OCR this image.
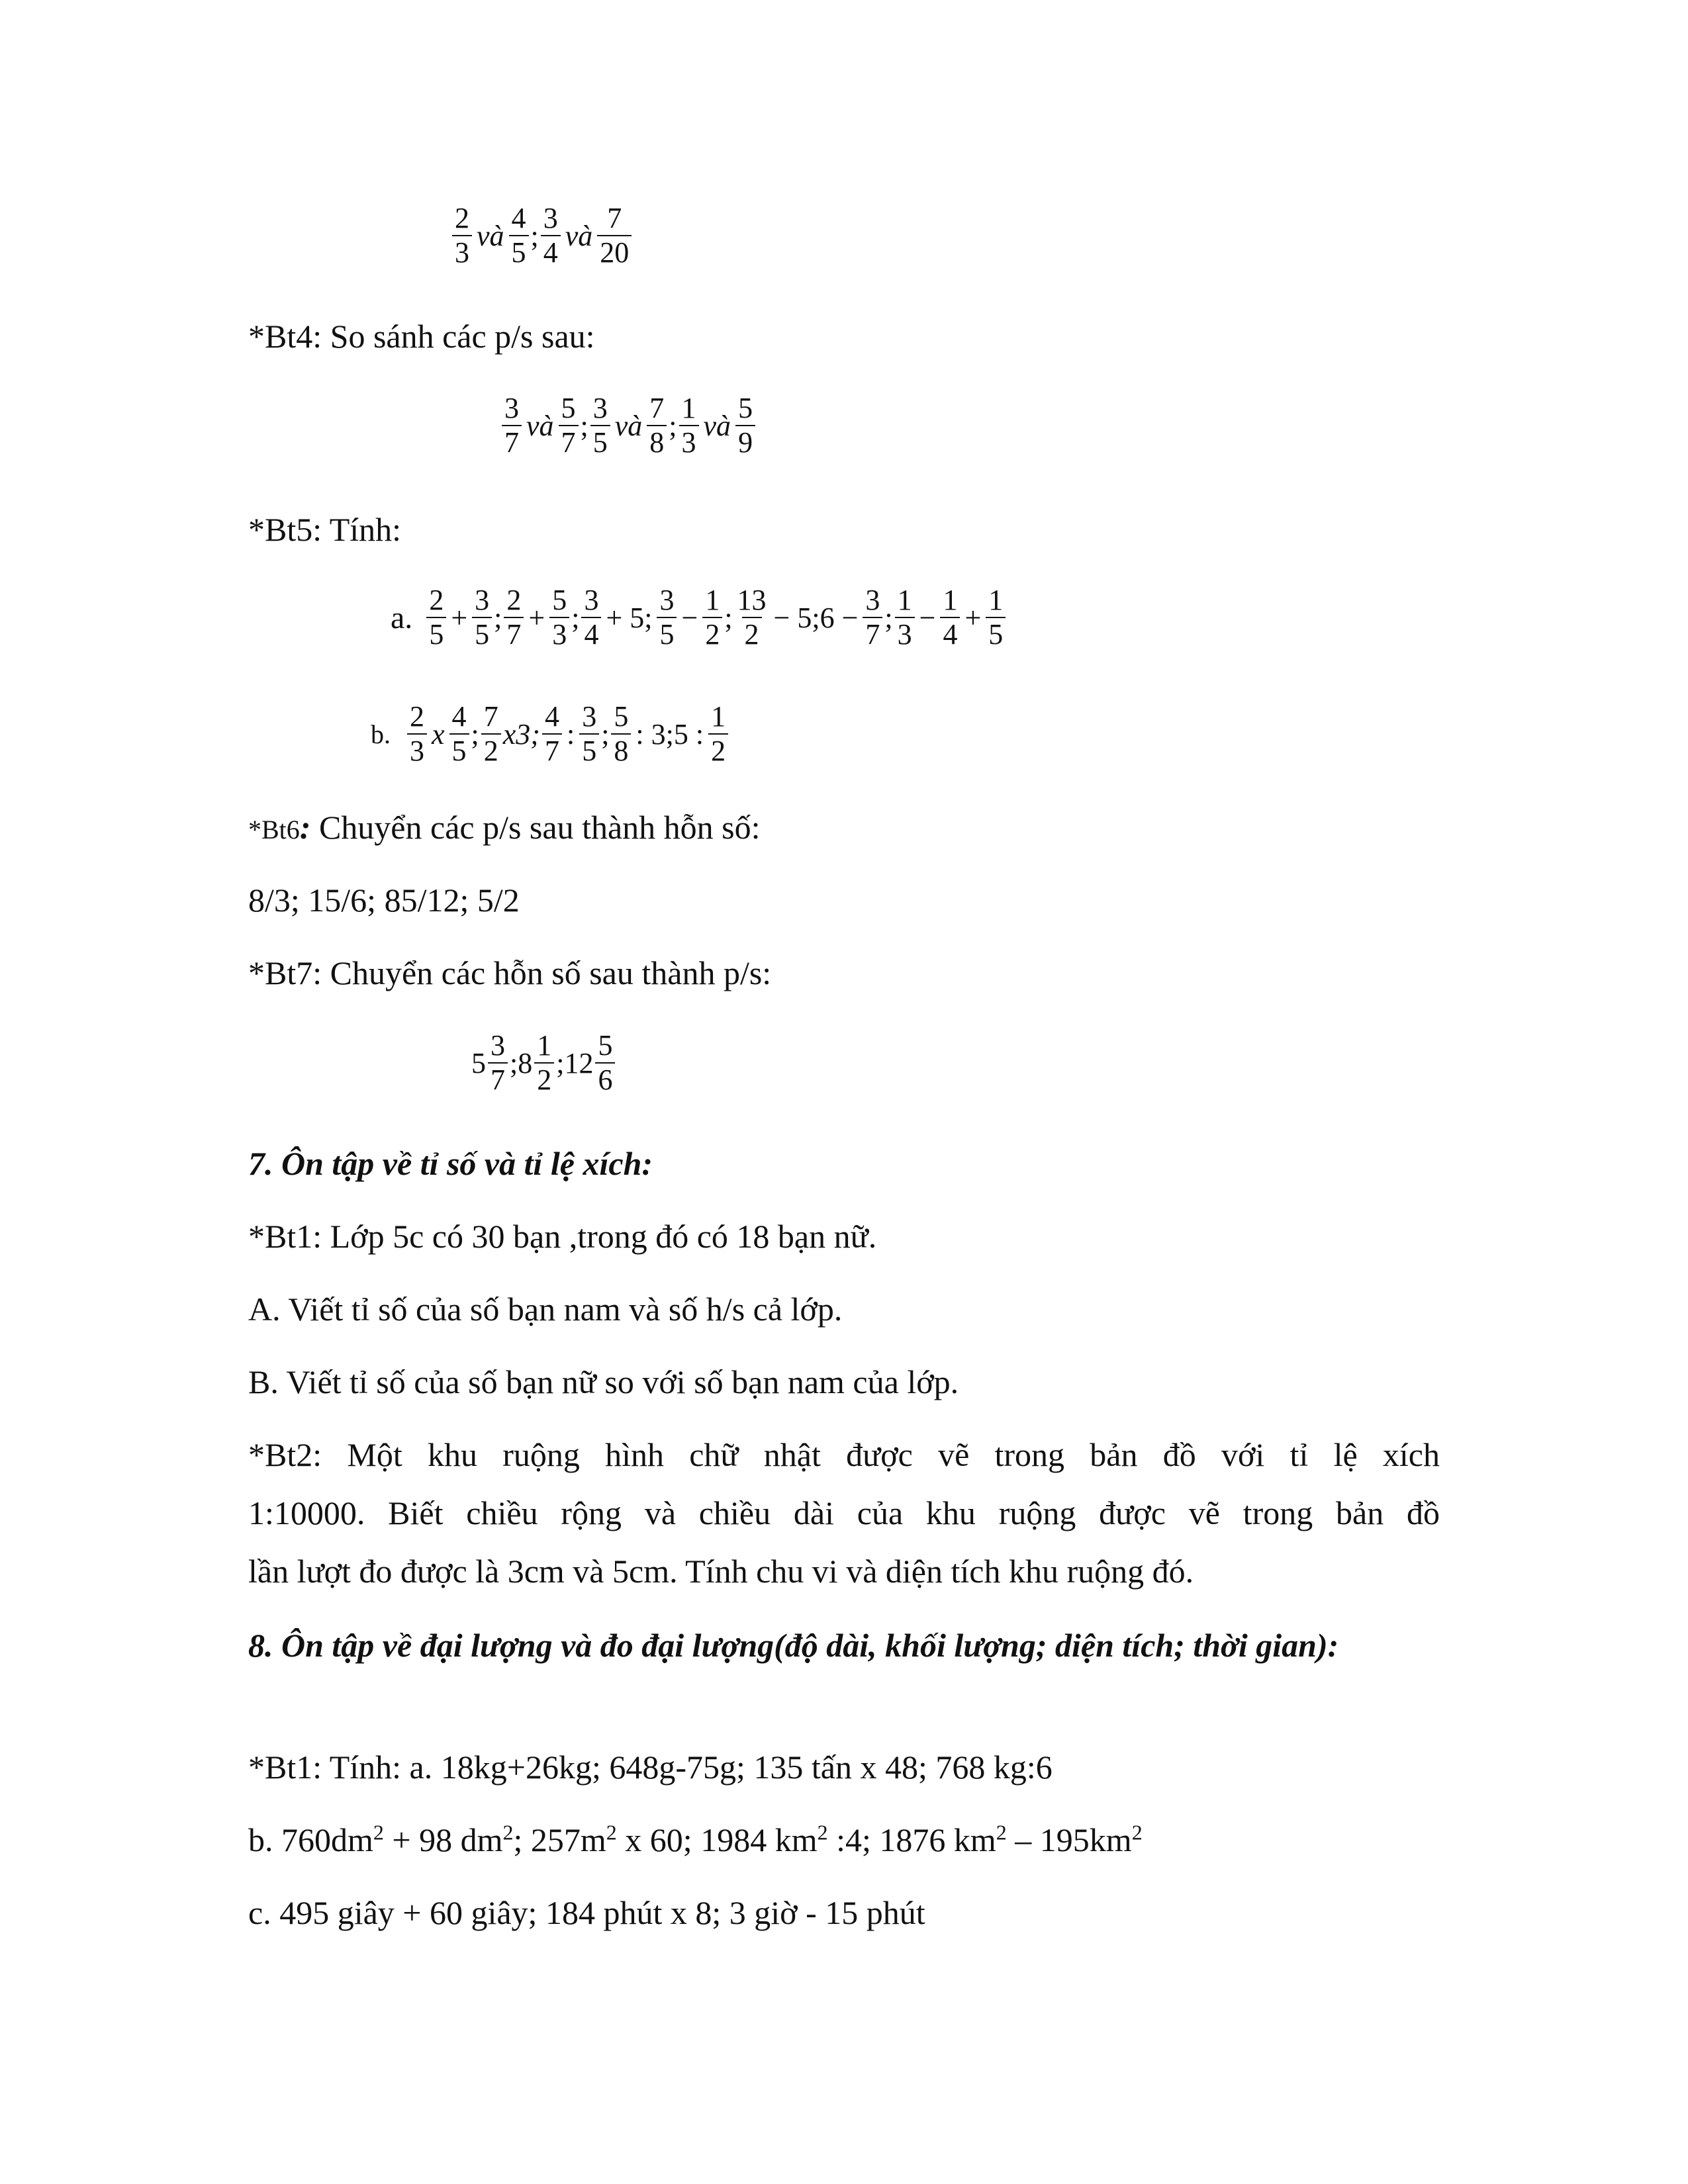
$\frac{2}{3}$ và $\frac{4}{5}$ ; $\frac{3}{4}$ và $\frac{7}{20}$
*Bt4: So sánh các p/s sau:
$\frac{3}{7}$ và $\frac{5}{7}$ ; $\frac{3}{5}$ và $\frac{7}{8}$ ; $\frac{1}{3}$ và $\frac{5}{9}$
*Bt5: Tính:
a. $\frac{2}{5} + \frac{3}{5}$ ; $\frac{2}{7} + \frac{5}{3}$ ; $\frac{3}{4} + 5$; $\frac{3}{5} - \frac{1}{2}$ ; $\frac{13}{2}$ − 5;6 − $\frac{3}{7}$ ; $\frac{1}{3} - \frac{1}{4} + \frac{1}{5}$
b. $\frac{2}{3}$ x $\frac{4}{5}$ ; $\frac{7}{2} x3$; $\frac{4}{7}$ : $\frac{3}{5}$ ; $\frac{5}{8}$ : 3;5 : $\frac{1}{2}$
*Bt6: Chuyển các p/s sau thành hỗn số:
8/3; 15/6; 85/12; 5/2
*Bt7: Chuyển các hỗn số sau thành p/s:
$5 \frac{3}{7}$ ;8 $\frac{1}{2}$ ;12 $\frac{5}{6}$
7. Ôn tập về tỉ số và tỉ lệ xích:
*Bt1: Lớp 5c có 30 bạn ,trong đó có 18 bạn nữ.
A. Viết tỉ số của số bạn nam và số h/s cả lớp.
B. Viết tỉ số của số bạn nữ so với số bạn nam của lớp.
*Bt2: Một khu ruộng hình chữ nhật được vẽ trong bản đồ với tỉ lệ xích
1:10000. Biết chiều rộng và chiều dài của khu ruộng được vẽ trong bản đồ
lần lượt đo được là 3cm và 5cm. Tính chu vi và diện tích khu ruộng đó.
8. Ôn tập về đại lượng và đo đại lượng(độ dài, khối lượng; diện tích; thời gian):
*Bt1: Tính: a. 18kg+26kg; 648g-75g; 135 tấn x 48; 768 kg:6
b. $760dm^2 + 98$ $dm^2$; $257m^2$ x 60; 1984 $km^2$ :4; 1876 $km^2 - 195km^2$
c. 495 giây + 60 giây; 184 phút x 8; 3 giờ - 15 phút
